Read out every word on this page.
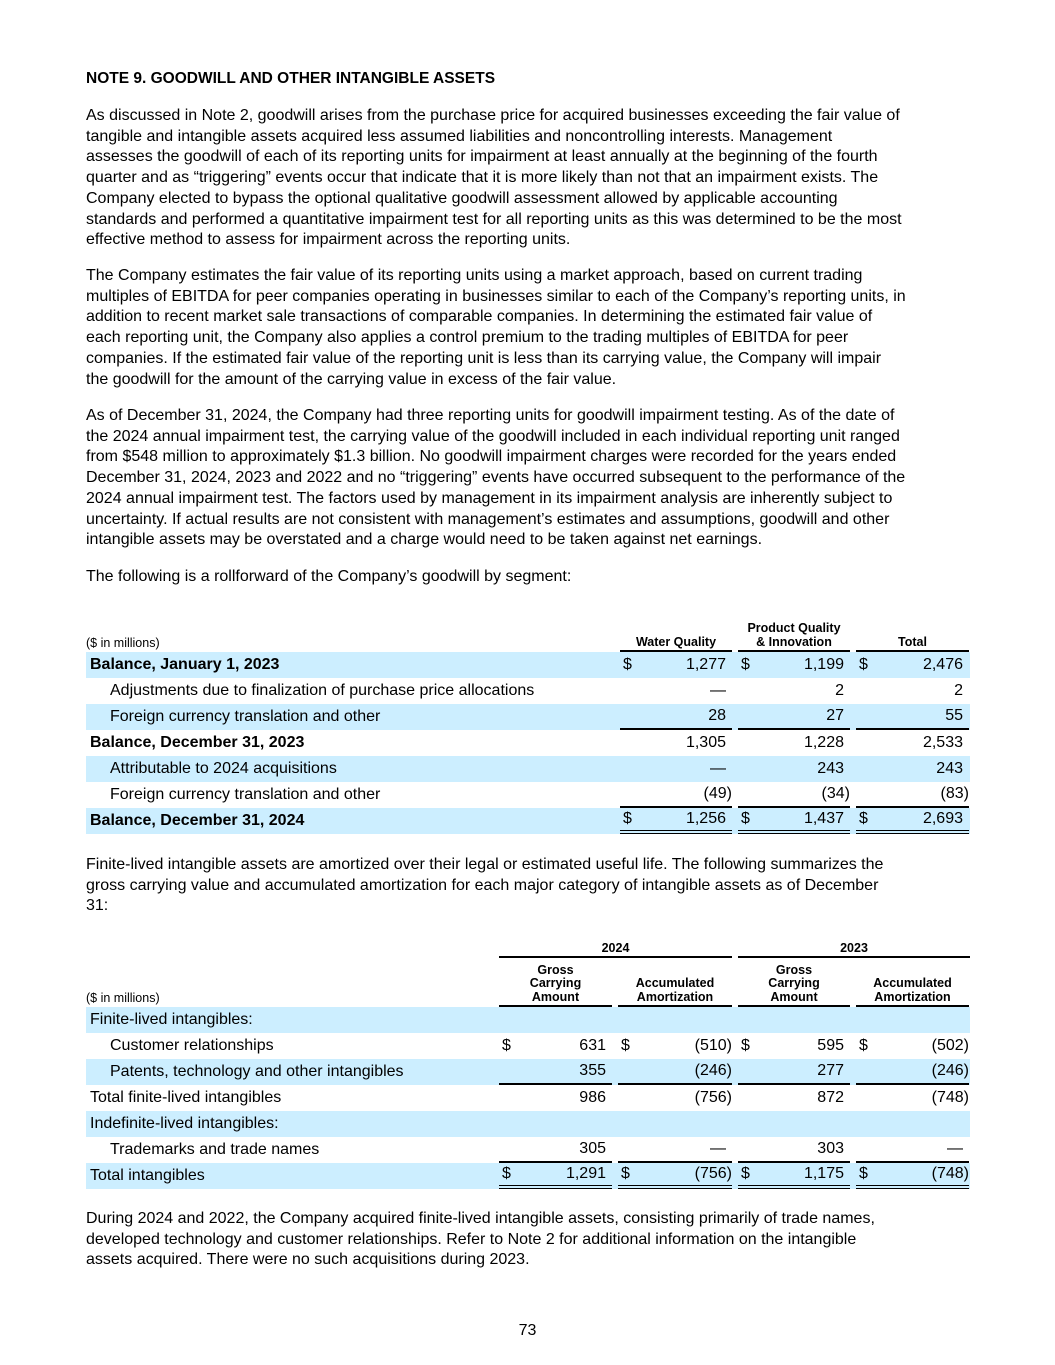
NOTE 9. GOODWILL AND OTHER INTANGIBLE ASSETS
As discussed in Note 2, goodwill arises from the purchase price for acquired businesses exceeding the fair value of
tangible and intangible assets acquired less assumed liabilities and noncontrolling interests. Management
assesses the goodwill of each of its reporting units for impairment at least annually at the beginning of the fourth
quarter and as “triggering” events occur that indicate that it is more likely than not that an impairment exists. The
Company elected to bypass the optional qualitative goodwill assessment allowed by applicable accounting
standards and performed a quantitative impairment test for all reporting units as this was determined to be the most
effective method to assess for impairment across the reporting units.
The Company estimates the fair value of its reporting units using a market approach, based on current trading
multiples of EBITDA for peer companies operating in businesses similar to each of the Company’s reporting units, in
addition to recent market sale transactions of comparable companies. In determining the estimated fair value of
each reporting unit, the Company also applies a control premium to the trading multiples of EBITDA for peer
companies. If the estimated fair value of the reporting unit is less than its carrying value, the Company will impair
the goodwill for the amount of the carrying value in excess of the fair value.
As of December 31, 2024, the Company had three reporting units for goodwill impairment testing. As of the date of
the 2024 annual impairment test, the carrying value of the goodwill included in each individual reporting unit ranged
from $548 million to approximately $1.3 billion. No goodwill impairment charges were recorded for the years ended
December 31, 2024, 2023 and 2022 and no “triggering” events have occurred subsequent to the performance of the
2024 annual impairment test. The factors used by management in its impairment analysis are inherently subject to
uncertainty. If actual results are not consistent with management’s estimates and assumptions, goodwill and other
intangible assets may be overstated and a charge would need to be taken against net earnings.
The following is a rollforward of the Company’s goodwill by segment:
($ in millions)	Water Quality
Product Quality
& Innovation	Total
Balance, January 1, 2023	$	1,277 $	1,199 $	2,476
Adjustments due to finalization of purchase price allocations	—	2	2
Foreign currency translation and other	28	27	55
Balance, December 31, 2023	1,305	1,228	2,533
Attributable to 2024 acquisitions	—	243	243
Foreign currency translation and other	(49)	(34)	(83)
Balance, December 31, 2024	$	1,256 $	1,437 $	2,693
Finite-lived intangible assets are amortized over their legal or estimated useful life. The following summarizes the
gross carrying value and accumulated amortization for each major category of intangible assets as of December
31:
2024	2023
($ in millions)
Gross
Carrying
Amount
Accumulated
Amortization
Gross
Carrying
Amount
Accumulated
Amortization
Finite-lived intangibles:
Customer relationships	$	631 $	(510) $	595 $	(502)
Patents, technology and other intangibles	355	(246)	277	(246)
Total finite-lived intangibles	986	(756)	872	(748)
Indefinite-lived intangibles:
Trademarks and trade names	305	—	303	—
Total intangibles	$	1,291 $	(756) $	1,175 $	(748)
During 2024 and 2022, the Company acquired finite-lived intangible assets, consisting primarily of trade names,
developed technology and customer relationships. Refer to Note 2 for additional information on the intangible
assets acquired. There were no such acquisitions during 2023.
73
